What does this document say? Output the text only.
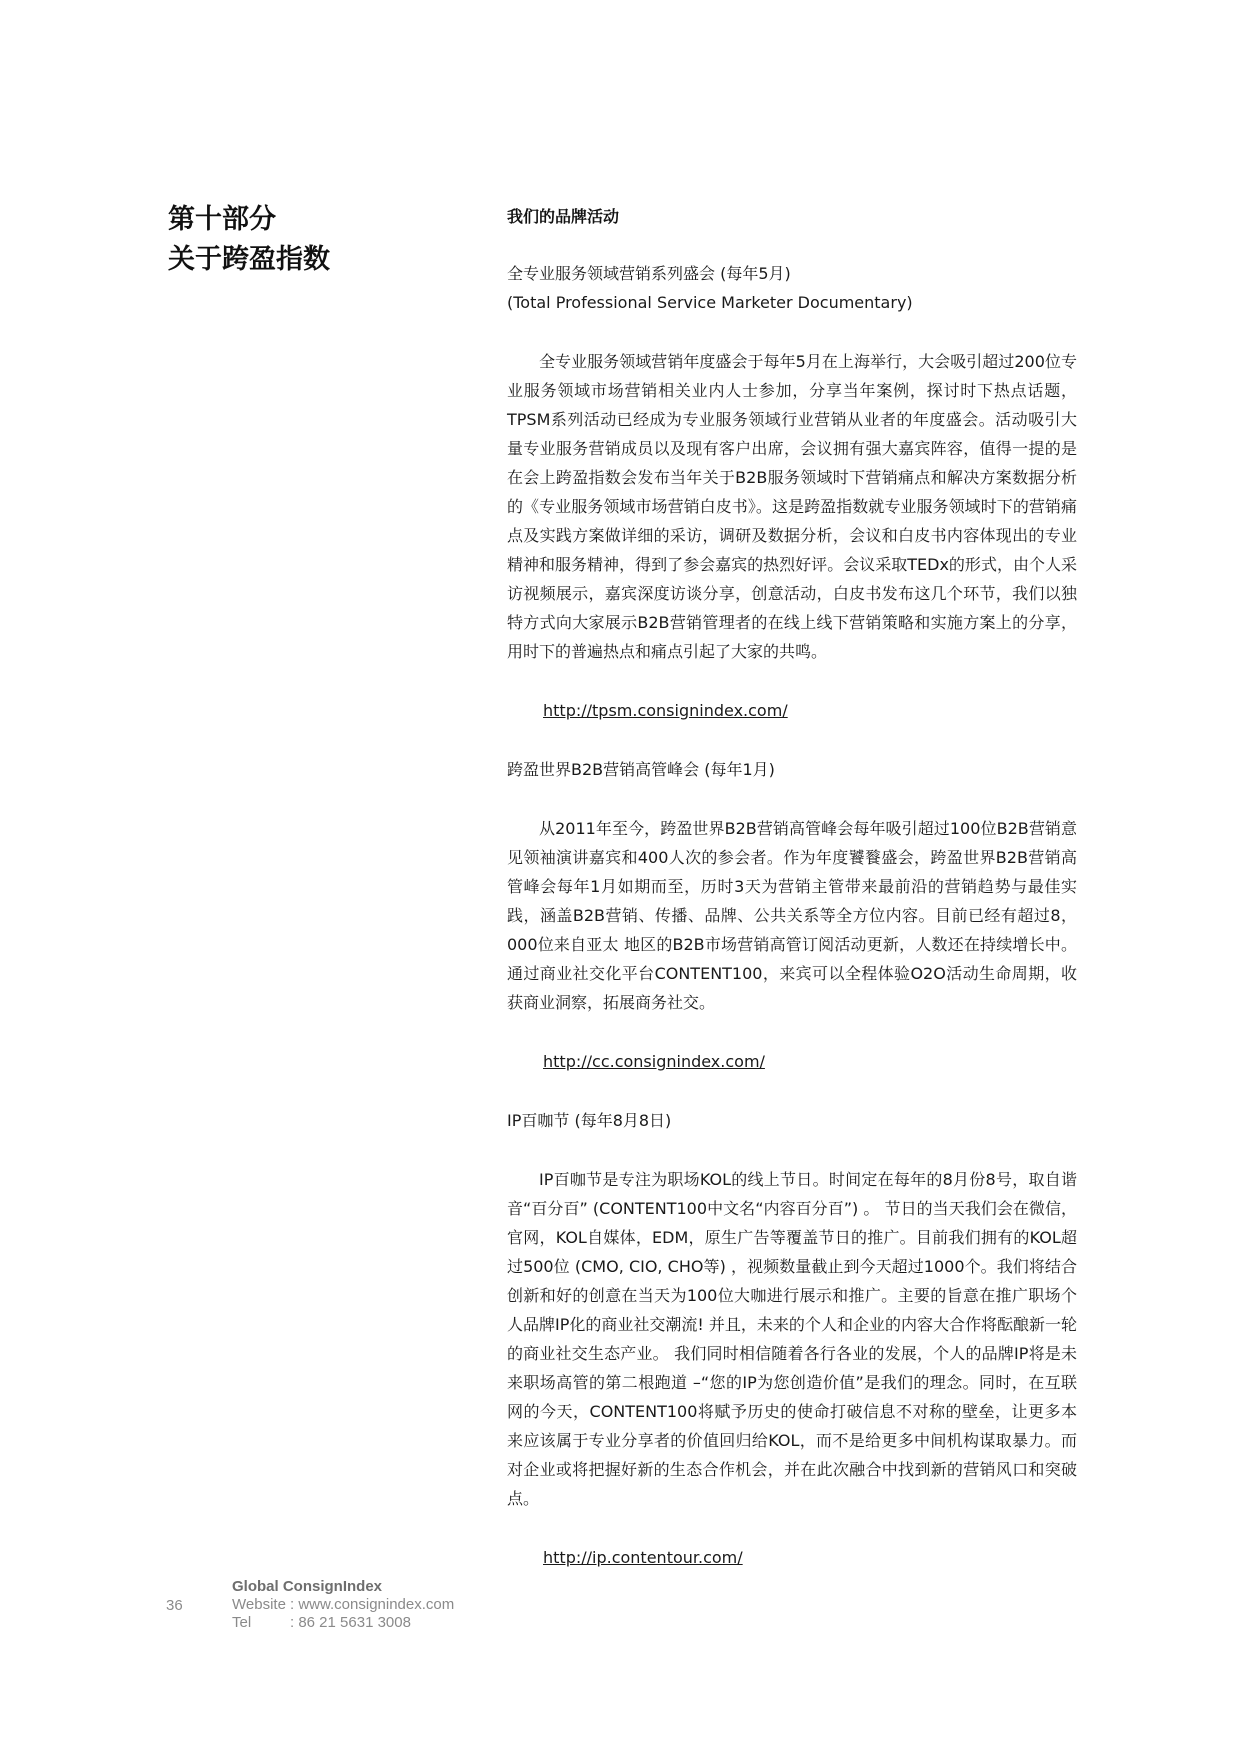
第十部分
关于跨盈指数
我们的品牌活动

全专业服务领域营销系列盛会 (每年5月)

(Total Professional Service Marketer Documentary)

全专业服务领域营销年度盛会于每年5月在上海举行，大会吸引超过200位专业服务领域市场营销相关业内人士参加，分享当年案例，探讨时下热点话题，TPSM系列活动已经成为专业服务领域行业营销从业者的年度盛会。活动吸引大量专业服务营销成员以及现有客户出席，会议拥有强大嘉宾阵容，值得一提的是在会上跨盈指数会发布当年关于B2B服务领域时下营销痛点和解决方案数据分析的《专业服务领域市场营销白皮书》。这是跨盈指数就专业服务领域时下的营销痛点及实践方案做详细的采访，调研及数据分析，会议和白皮书内容体现出的专业精神和服务精神，得到了参会嘉宾的热烈好评。会议采取TEDx的形式，由个人采访视频展示，嘉宾深度访谈分享，创意活动，白皮书发布这几个环节，我们以独特方式向大家展示B2B营销管理者的在线上线下营销策略和实施方案上的分享，用时下的普遍热点和痛点引起了大家的共鸣。

http://tpsm.consignindex.com/

跨盈世界B2B营销高管峰会 (每年1月)

从2011年至今，跨盈世界B2B营销高管峰会每年吸引超过100位B2B营销意见领袖演讲嘉宾和400人次的参会者。作为年度饕餮盛会，跨盈世界B2B营销高管峰会每年1月如期而至，历时3天为营销主管带来最前沿的营销趋势与最佳实践，涵盖B2B营销、传播、品牌、公共关系等全方位内容。目前已经有超过8，000位来自亚太 地区的B2B市场营销高管订阅活动更新，人数还在持续增长中。通过商业社交化平台CONTENT100，来宾可以全程体验O2O活动生命周期，收获商业洞察，拓展商务社交。

http://cc.consignindex.com/

IP百咖节 (每年8月8日)

IP百咖节是专注为职场KOL的线上节日。时间定在每年的8月份8号，取自谐音“百分百” (CONTENT100中文名“内容百分百”) 。 节日的当天我们会在微信，官网，KOL自媒体，EDM，原生广告等覆盖节日的推广。目前我们拥有的KOL超过500位 (CMO, CIO, CHO等) ，视频数量截止到今天超过1000个。我们将结合创新和好的创意在当天为100位大咖进行展示和推广。主要的旨意在推广职场个人品牌IP化的商业社交潮流! 并且，未来的个人和企业的内容大合作将酝酿新一轮的商业社交生态产业。 我们同时相信随着各行各业的发展，个人的品牌IP将是未来职场高管的第二根跑道 –“您的IP为您创造价值”是我们的理念。同时，在互联网的今天，CONTENT100将赋予历史的使命打破信息不对称的壁垒，让更多本来应该属于专业分享者的价值回归给KOL，而不是给更多中间机构谋取暴力。而对企业或将把握好新的生态合作机会，并在此次融合中找到新的营销风口和突破点。

http://ip.contentour.com/
36
Global ConsignIndex
Website : www.consignindex.com
Tel	: 86 21 5631 3008
